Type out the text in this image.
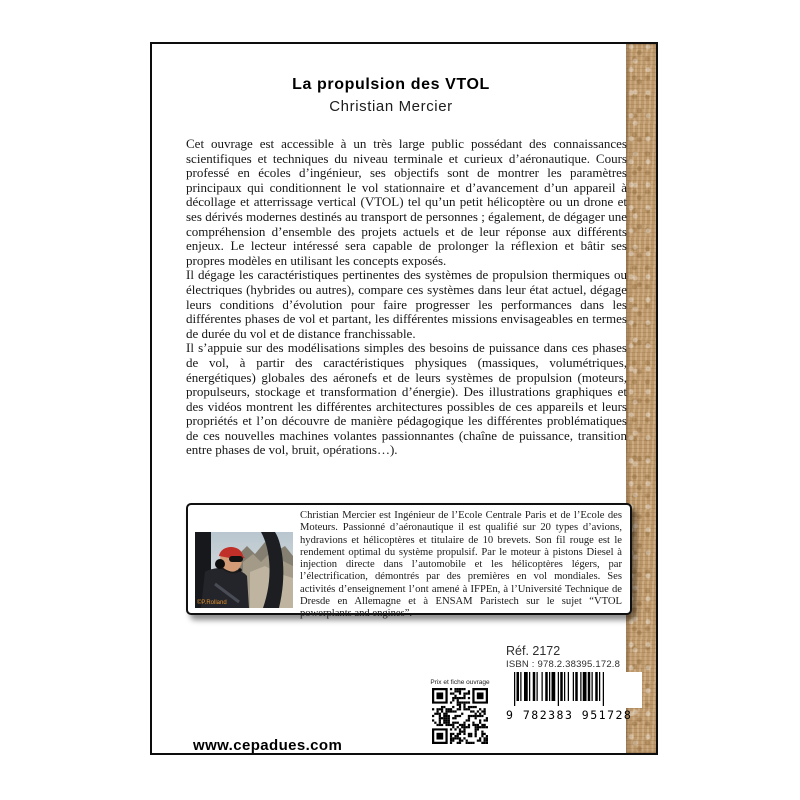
La propulsion des VTOL
Christian Mercier

Cet ouvrage est accessible à un très large public possédant des connaissances scientifiques et techniques du niveau terminale et curieux d’aéronautique. Cours professé en écoles d’ingénieur, ses objectifs sont de montrer les paramètres principaux qui conditionnent le vol stationnaire et d’avancement d’un appareil à décollage et atterrissage vertical (VTOL) tel qu’un petit hélicoptère ou un drone et ses dérivés modernes destinés au transport de personnes ; également, de dégager une compréhension d’ensemble des projets actuels et de leur réponse aux différents enjeux. Le lecteur intéressé sera capable de prolonger la réflexion et bâtir ses propres modèles en utilisant les concepts exposés.

Il dégage les caractéristiques pertinentes des systèmes de propulsion thermiques ou électriques (hybrides ou autres), compare ces systèmes dans leur état actuel, dégage leurs conditions d’évolution pour faire progresser les performances dans les différentes phases de vol et partant, les différentes missions envisageables en termes de durée du vol et de distance franchissable.

Il s’appuie sur des modélisations simples des besoins de puissance dans ces phases de vol, à partir des caractéristiques physiques (massiques, volumétriques, énergétiques) globales des aéronefs et de leurs systèmes de propulsion (moteurs, propulseurs, stockage et transformation d’énergie). Des illustrations graphiques et des vidéos montrent les différentes architectures possibles de ces appareils et leurs propriétés et l’on découvre de manière pédagogique les différentes problématiques de ces nouvelles machines volantes passionnantes (chaîne de puissance, transition entre phases de vol, bruit, opérations…).

©P.Rolland

Christian Mercier est Ingénieur de l’Ecole Centrale Paris et de l’Ecole des Moteurs. Passionné d’aéronautique il est qualifié sur 20 types d’avions, hydravions et hélicoptères et titulaire de 10 brevets. Son fil rouge est le rendement optimal du système propulsif. Par le moteur à pistons Diesel à injection directe dans l’automobile et les hélicoptères légers, par l’électrification, démontrés par des premières en vol mondiales. Ses activités d’enseignement l’ont amené à IFPEn, à l’Université Technique de Dresde en Allemagne et à ENSAM Paristech sur le sujet “VTOL powerplants and engines”.

www.cepadues.com

Prix et fiche ouvrage

Réf. 2172

ISBN : 978.2.38395.172.8

9 782383 951728
